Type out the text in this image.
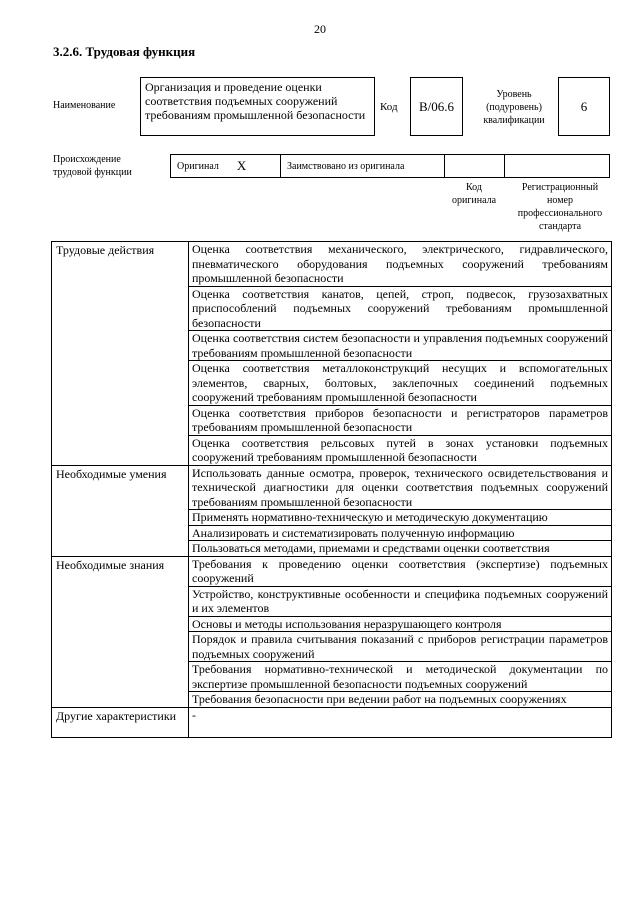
20
3.2.6. Трудовая функция
Наименование
Организация и проведение оценки соответствия подъемных сооружений требованиям промышленной безопасности
Код	B/06.6
Уровень (подуровень) квалификации
6
Происхождение трудовой функции
Оригинал X	Заимствовано из оригинала
Код оригинала
Регистрационный номер профессионального стандарта
Трудовые действия	Оценка соответствия механического, электрического, гидравлического, пневматического оборудования подъемных сооружений требованиям промышленной безопасности
	Оценка соответствия канатов, цепей, строп, подвесок, грузозахватных приспособлений подъемных сооружений требованиям промышленной безопасности
	Оценка соответствия систем безопасности и управления подъемных сооружений требованиям промышленной безопасности
	Оценка соответствия металлоконструкций несущих и вспомогательных элементов, сварных, болтовых, заклепочных соединений подъемных сооружений требованиям промышленной безопасности
	Оценка соответствия приборов безопасности и регистраторов параметров требованиям промышленной безопасности
	Оценка соответствия рельсовых путей в зонах установки подъемных сооружений требованиям промышленной безопасности
Необходимые умения	Использовать данные осмотра, проверок, технического освидетельствования и технической диагностики для оценки соответствия подъемных сооружений требованиям промышленной безопасности
	Применять нормативно-техническую и методическую документацию
	Анализировать и систематизировать полученную информацию
	Пользоваться методами, приемами и средствами оценки соответствия
Необходимые знания	Требования к проведению оценки соответствия (экспертизе) подъемных сооружений
	Устройство, конструктивные особенности и специфика подъемных сооружений и их элементов
	Основы и методы использования неразрушающего контроля
	Порядок и правила считывания показаний с приборов регистрации параметров подъемных сооружений
	Требования нормативно-технической и методической документации по экспертизе промышленной безопасности подъемных сооружений
	Требования безопасности при ведении работ на подъемных сооружениях
Другие характеристики	-
